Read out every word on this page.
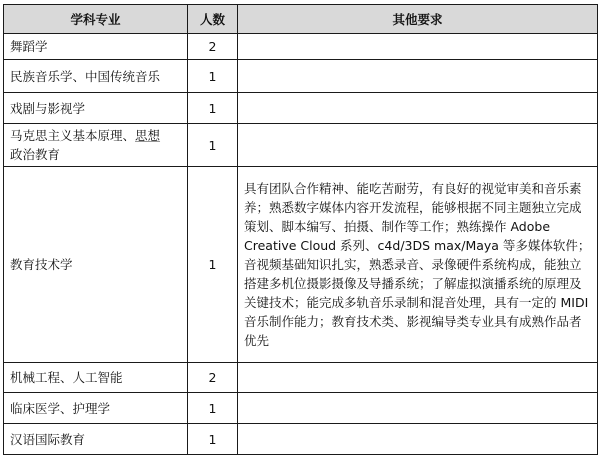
学科专业	人数	其他要求
舞蹈学	2	
民族音乐学、中国传统音乐	1	
戏剧与影视学	1	
马克思主义基本原理、思想
政治教育	1	
教育技术学	1	具有团队合作精神、能吃苦耐劳，有良好的视觉审美和音乐素养；熟悉数字媒体内容开发流程，能够根据不同主题独立完成策划、脚本编写、拍摄、制作等工作；熟练操作 Adobe Creative Cloud 系列、c4d/3DS max/Maya 等多媒体软件；音视频基础知识扎实，熟悉录音、录像硬件系统构成，能独立搭建多机位摄影摄像及导播系统；了解虚拟演播系统的原理及关键技术；能完成多轨音乐录制和混音处理，具有一定的 MIDI 音乐制作能力；教育技术类、影视编导类专业具有成熟作品者优先
机械工程、人工智能	2	
临床医学、护理学	1	
汉语国际教育	1	
